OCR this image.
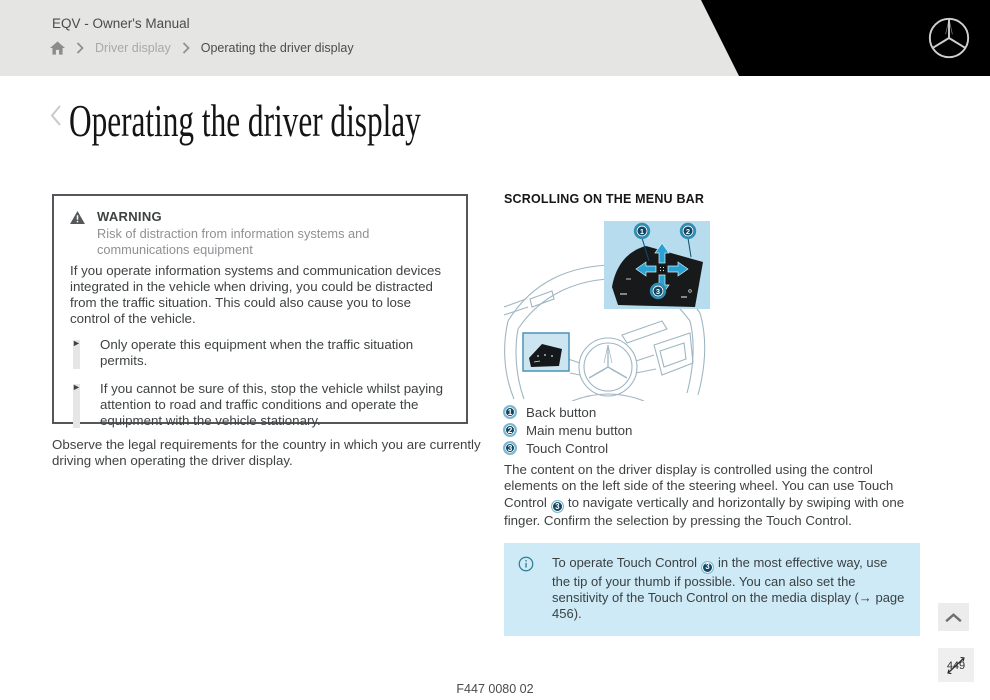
EQV - Owner's Manual
Driver display Operating the driver display
Operating the driver display
WARNING
Risk of distraction from information systems and communications equipment
If you operate information systems and communication devices integrated in the vehicle when driving, you could be distracted from the traffic situation. This could also cause you to lose control of the vehicle.
► Only operate this equipment when the traffic situation permits.
► If you cannot be sure of this, stop the vehicle whilst paying attention to road and traffic conditions and operate the equipment with the vehicle stationary.

Observe the legal requirements for the country in which you are currently driving when operating the driver display.

SCROLLING ON THE MENU BAR
1	2
3
1	Back button
2	Main menu button
3	Touch Control

The content on the driver display is controlled using the control elements on the left side of the steering wheel. You can use Touch Control 3 to navigate vertically and horizontally by swiping with one finger. Confirm the selection by pressing the Touch Control.

To operate Touch Control 3 in the most effective way, use the tip of your thumb if possible. You can also set the sensitivity of the Touch Control on the media display (→ page 456).
F447 0080 02
449
